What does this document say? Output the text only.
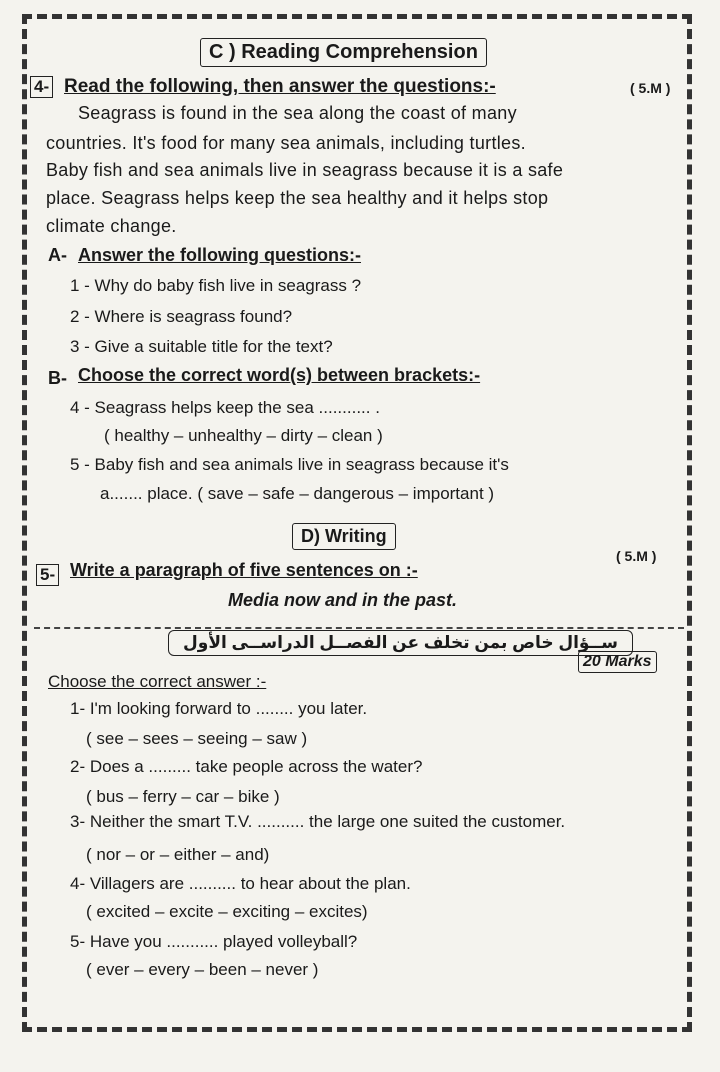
C ) Reading Comprehension
4- Read the following, then answer the questions:-	( 5.M )
Seagrass is found in the sea along the coast of many
countries. It's food for many sea animals, including turtles.
Baby fish and sea animals live in seagrass because it is a safe
place. Seagrass helps keep the sea healthy and it helps stop
climate change.
A- Answer the following questions:-
1 - Why do baby fish live in seagrass ?
2 - Where is seagrass found?
3 - Give a suitable title for the text?
B- Choose the correct word(s) between brackets:-
4 - Seagrass helps keep the sea ........... .
( healthy – unhealthy – dirty – clean )
5 - Baby fish and sea animals live in seagrass because it's
a....... place. ( save – safe – dangerous – important )
D) Writing
5- Write a paragraph of five sentences on :-
( 5.M )
Media now and in the past.
ســؤال خاص بمن تخلف عن الفصــل الدراســى الأول
20 Marks
Choose the correct answer :-
1- I'm looking forward to ........ you later.
( see – sees – seeing – saw )
2- Does a ......... take people across the water?
( bus – ferry – car – bike )
3- Neither the smart T.V. .......... the large one suited the customer.
( nor – or – either – and)
4- Villagers are .......... to hear about the plan.
( excited – excite – exciting – excites)
5- Have you ........... played volleyball?
( ever – every – been – never )
